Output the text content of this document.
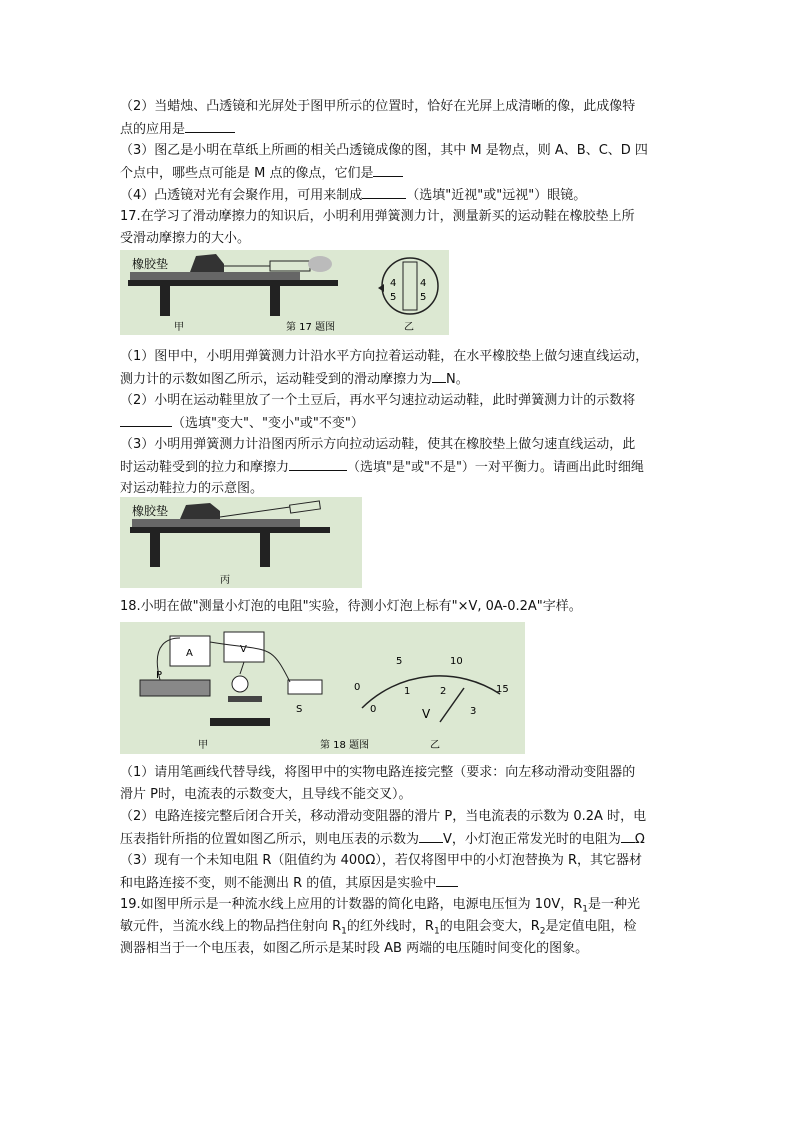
（2）当蜡烛、凸透镜和光屏处于图甲所示的位置时，恰好在光屏上成清晰的像，此成像特

点的应用是

（3）图乙是小明在草纸上所画的相关凸透镜成像的图，其中 M 是物点，则 A、B、C、D 四

个点中，哪些点可能是 M 点的像点，它们是

（4）凸透镜对光有会聚作用，可用来制成	（选填"近视"或"远视"）眼镜。

17.在学习了滑动摩擦力的知识后，小明利用弹簧测力计，测量新买的运动鞋在橡胶垫上所

受滑动摩擦力的大小。

橡胶垫
甲	第 17 题图
4 4
5 5
乙

（1）图甲中，小明用弹簧测力计沿水平方向拉着运动鞋，在水平橡胶垫上做匀速直线运动，

测力计的示数如图乙所示，运动鞋受到的滑动摩擦力为 N。

（2）小明在运动鞋里放了一个土豆后，再水平匀速拉动运动鞋，此时弹簧测力计的示数将

（选填"变大"、"变小"或"不变"）

（3）小明用弹簧测力计沿图丙所示方向拉动运动鞋，使其在橡胶垫上做匀速直线运动，此

时运动鞋受到的拉力和摩擦力	（选填"是"或"不是"）一对平衡力。请画出此时细绳

对运动鞋拉力的示意图。

橡胶垫
丙

18.小明在做"测量小灯泡的电阻"实验，待测小灯泡上标有"×V, 0A-0.2A"字样。

A	V
P
S
甲	第 18 题图	乙
0
5	10
15
0
1	2
3
V

（1）请用笔画线代替导线，将图甲中的实物电路连接完整（要求：向左移动滑动变阻器的

滑片 P时，电流表的示数变大，且导线不能交叉）。

（2）电路连接完整后闭合开关，移动滑动变阻器的滑片 P，当电流表的示数为 0.2A 时，电

压表指针所指的位置如图乙所示，则电压表的示数为 V，小灯泡正常发光时的电阻为 Ω

（3）现有一个未知电阻 R（阻值约为 400Ω），若仅将图甲中的小灯泡替换为 R，其它器材

和电路连接不变，则不能测出 R 的值，其原因是实验中

19.如图甲所示是一种流水线上应用的计数器的简化电路，电源电压恒为 10V，$R_1$是一种光

敏元件，当流水线上的物品挡住射向 $R_1$的红外线时，$R_1$的电阻会变大，$R_2$是定值电阻，检

测器相当于一个电压表，如图乙所示是某时段 AB 两端的电压随时间变化的图象。
